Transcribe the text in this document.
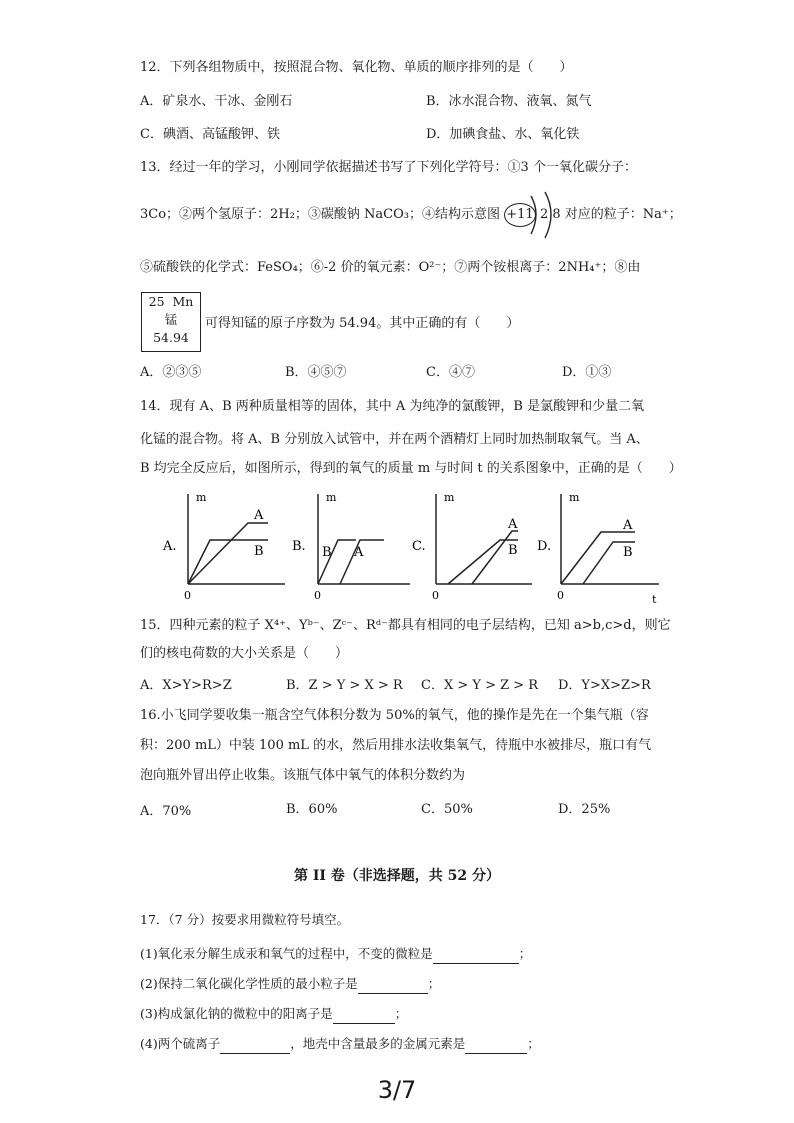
12．下列各组物质中，按照混合物、氧化物、单质的顺序排列的是（　　）
A．矿泉水、干冰、金刚石	B．冰水混合物、液氧、氮气
C．碘酒、高锰酸钾、铁	D．加碘食盐、水、氧化铁
13．经过一年的学习，小刚同学依据描述书写了下列化学符号：①3 个一氧化碳分子：
3Co；②两个氢原子：2H₂；③碳酸钠 NaCO₃；④结构示意图 +11 2 8 对应的粒子：Na⁺；
⑤硫酸铁的化学式：FeSO₄；⑥-2 价的氧元素：O²⁻；⑦两个铵根离子：2NH₄⁺；⑧由
25 Mn
锰
54.94
可得知锰的原子序数为 54.94。其中正确的有（　　）
A．②③⑤	B．④⑤⑦	C．④⑦	D．①③
14．现有 A、B 两种质量相等的固体，其中 A 为纯净的氯酸钾，B 是氯酸钾和少量二氧
化锰的混合物。将 A、B 分别放入试管中，并在两个酒精灯上同时加热制取氧气。当 A、
B 均完全反应后，如图所示，得到的氧气的质量 m 与时间 t 的关系图象中，正确的是（　　）
A.
m
0
A
B B.
m
0
B A	C.
m
0
A
B D.
m
0	t
A
B
15．四种元素的粒子 X⁴⁺、Yᵇ⁻、Zᶜ⁻、Rᵈ⁻都具有相同的电子层结构，已知 a>b,c>d，则它
们的核电荷数的大小关系是（　　）
A．X>Y>R>Z	B．Z > Y > X > R C．X > Y > Z > R D．Y>X>Z>R
16.小飞同学要收集一瓶含空气体积分数为 50%的氧气，他的操作是先在一个集气瓶（容
积：200 mL）中装 100 mL 的水，然后用排水法收集氧气，待瓶中水被排尽，瓶口有气
泡向瓶外冒出停止收集。该瓶气体中氧气的体积分数约为
A．70%	B．60%	C．50%	D．25%
第 II 卷（非选择题，共 52 分）
17．（7 分）按要求用微粒符号填空。
(1)氧化汞分解生成汞和氧气的过程中，不变的微粒是	；
(2)保持二氧化碳化学性质的最小粒子是	；
(3)构成氯化钠的微粒中的阳离子是	；
(4)两个硫离子	，地壳中含量最多的金属元素是	；
3/7
